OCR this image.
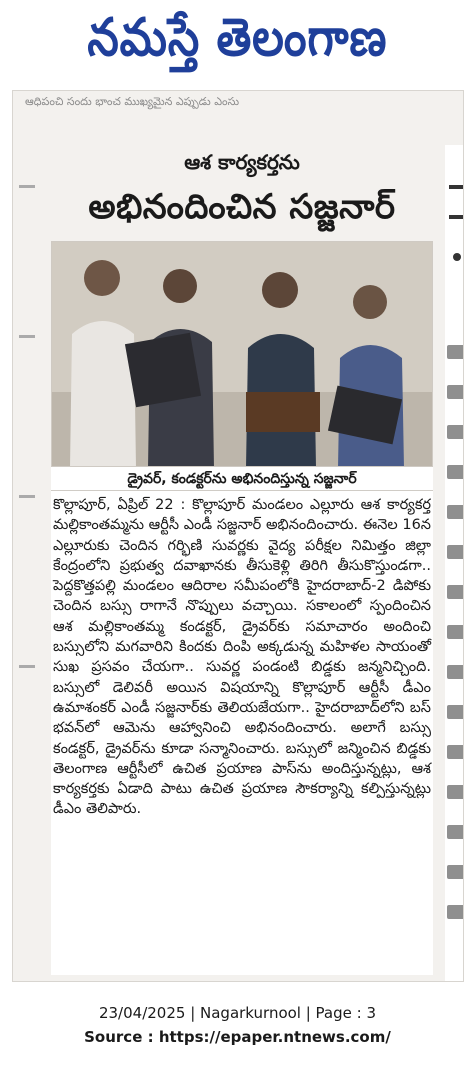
నమస్తే తెలంగాణ
ఆధిపంచి సందు భాంచ ముఖ్యమైన ఎప్పుడు ఎంసు
ఆశ కార్యకర్తను
అభినందించిన సజ్జనార్
డ్రైవర్, కండక్టర్‌ను అభినందిస్తున్న సజ్జనార్
కొల్లాపూర్, ఏప్రిల్ 22 : కొల్లాపూర్ మండలం ఎల్లూరు ఆశ కార్యకర్త మల్లికాంతమ్మను ఆర్టీసీ ఎండీ సజ్జనార్ అభినందించారు. ఈనెల 16న ఎల్లూరుకు చెందిన గర్భిణి సువర్ణకు వైద్య పరీక్షల నిమిత్తం జిల్లా కేంద్రంలోని ప్రభుత్వ దవాఖానకు తీసుకెళ్లి తిరిగి తీసుకొస్తుండగా.. పెద్దకొత్తపల్లి మండలం ఆదిరాల సమీపంలోకి హైదరాబాద్-2 డిపోకు చెందిన బస్సు రాగానే నొప్పులు వచ్చాయి. సకాలంలో స్పందించిన ఆశ మల్లికాంతమ్మ కండక్టర్, డ్రైవర్‌కు సమాచారం అందించి బస్సులోని మగవారిని కిందకు దింపి అక్కడున్న మహిళల సాయంతో సుఖ ప్రసవం చేయగా.. సువర్ణ పండంటి బిడ్డకు జన్మనిచ్చింది. బస్సులో డెలివరీ అయిన విషయాన్ని కొల్లాపూర్ ఆర్టీసీ డీఎం ఉమాశంకర్ ఎండీ సజ్జనార్‌కు తెలియజేయగా.. హైదరాబాద్‌లోని బస్ భవన్‌లో ఆమెను ఆహ్వానించి అభినందించారు. అలాగే బస్సు కండక్టర్, డ్రైవర్‌ను కూడా సన్మానించారు. బస్సులో జన్మించిన బిడ్డకు తెలంగాణ ఆర్టీసీలో ఉచిత ప్రయాణ పాస్‌ను అందిస్తున్నట్లు, ఆశ కార్యకర్తకు ఏడాది పాటు ఉచిత ప్రయాణ సౌకర్యాన్ని కల్పిస్తున్నట్లు డీఎం తెలిపారు.
23/04/2025 | Nagarkurnool | Page : 3
Source : https://epaper.ntnews.com/
